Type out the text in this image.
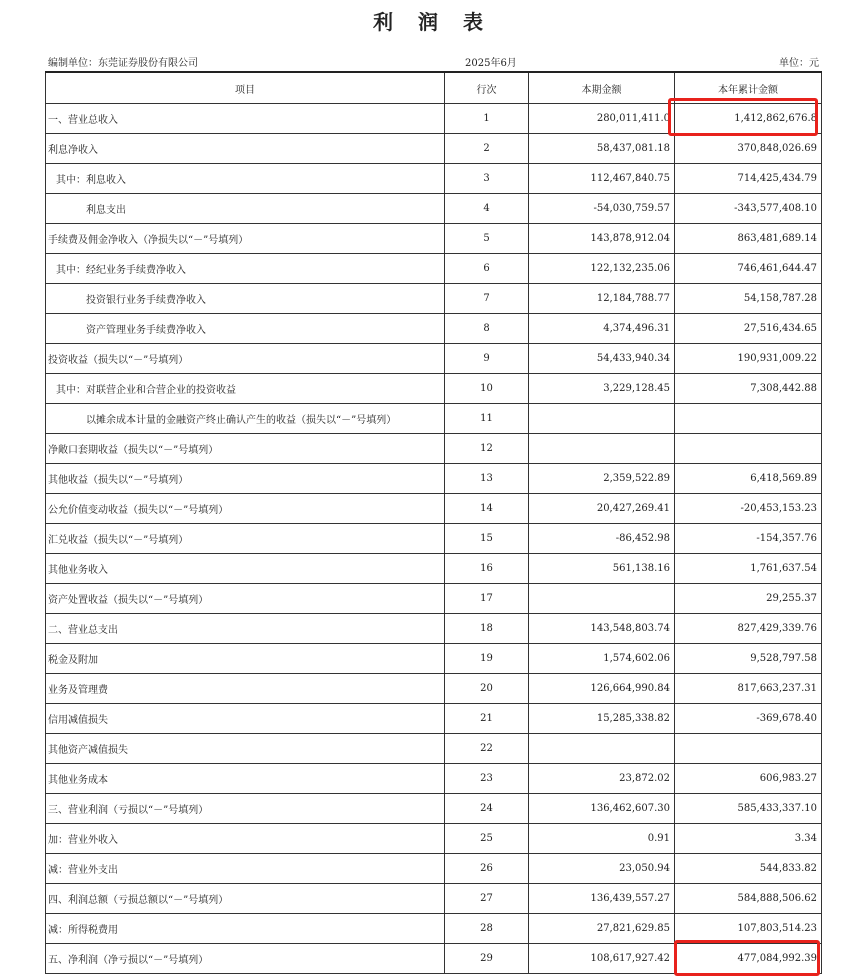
利 润 表
编制单位：东莞证券股份有限公司	2025年6月	单位：元
项目	行次	本期金额	本年累计金额
一、营业总收入	1	280,011,411.0	1,412,862,676.8
利息净收入	2	58,437,081.18	370,848,026.69
其中：利息收入	3	112,467,840.75	714,425,434.79
利息支出	4	-54,030,759.57	-343,577,408.10
手续费及佣金净收入（净损失以“－”号填列）	5	143,878,912.04	863,481,689.14
其中：经纪业务手续费净收入	6	122,132,235.06	746,461,644.47
投资银行业务手续费净收入	7	12,184,788.77	54,158,787.28
资产管理业务手续费净收入	8	4,374,496.31	27,516,434.65
投资收益（损失以“－”号填列）	9	54,433,940.34	190,931,009.22
其中：对联营企业和合营企业的投资收益	10	3,229,128.45	7,308,442.88
以摊余成本计量的金融资产终止确认产生的收益（损失以“－”号填列）	11		
净敞口套期收益（损失以“－”号填列）	12		
其他收益（损失以“－”号填列）	13	2,359,522.89	6,418,569.89
公允价值变动收益（损失以“－”号填列）	14	20,427,269.41	-20,453,153.23
汇兑收益（损失以“－”号填列）	15	-86,452.98	-154,357.76
其他业务收入	16	561,138.16	1,761,637.54
资产处置收益（损失以“－”号填列）	17		29,255.37
二、营业总支出	18	143,548,803.74	827,429,339.76
税金及附加	19	1,574,602.06	9,528,797.58
业务及管理费	20	126,664,990.84	817,663,237.31
信用减值损失	21	15,285,338.82	-369,678.40
其他资产减值损失	22		
其他业务成本	23	23,872.02	606,983.27
三、营业利润（亏损以“－”号填列）	24	136,462,607.30	585,433,337.10
加：营业外收入	25	0.91	3.34
减：营业外支出	26	23,050.94	544,833.82
四、利润总额（亏损总额以“－”号填列）	27	136,439,557.27	584,888,506.62
减：所得税费用	28	27,821,629.85	107,803,514.23
五、净利润（净亏损以“－”号填列）	29	108,617,927.42	477,084,992.39
